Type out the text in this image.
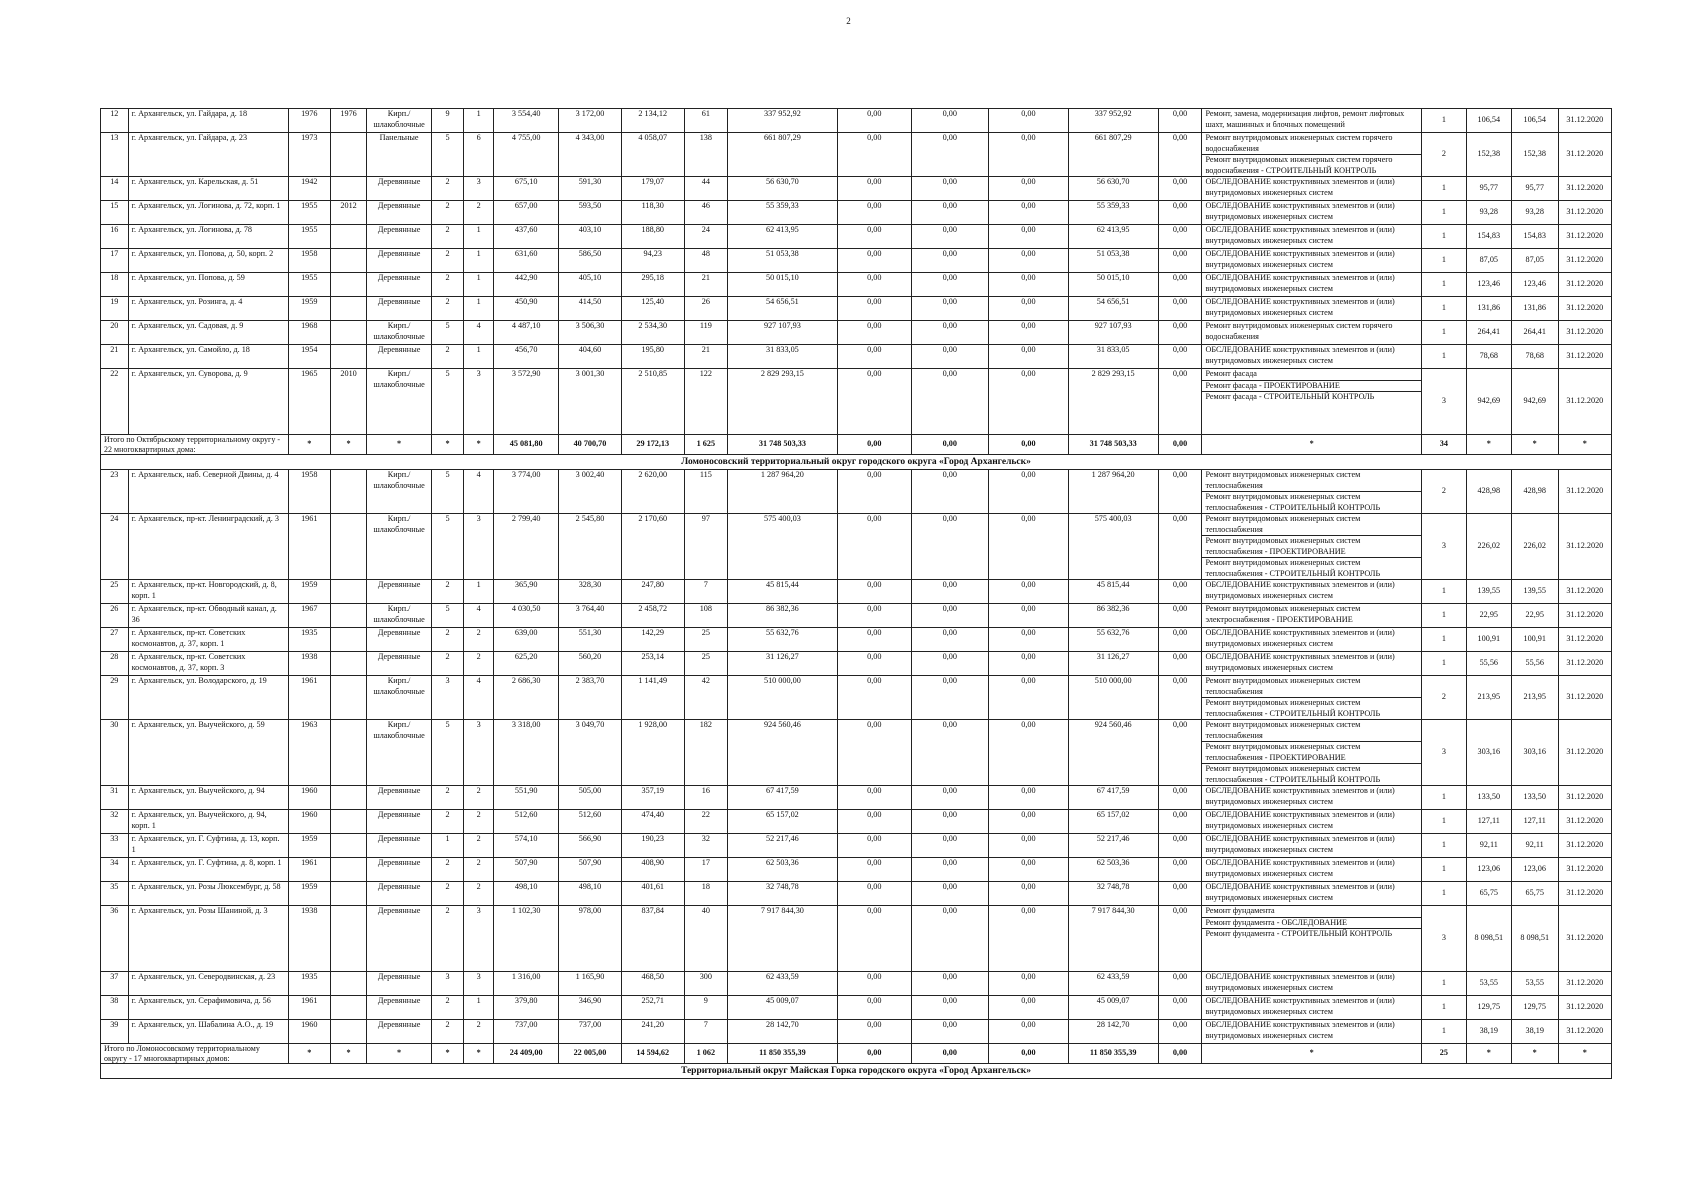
2
12	г. Архангельск, ул. Гайдара, д. 18	1976	1976	Кирп./ шлакоблочные	9	1	3 554,40	3 172,00	2 134,12	61	337 952,92	0,00	0,00	0,00	337 952,92	0,00	Ремонт, замена, модернизация лифтов, ремонт лифтовых шахт, машинных и блочных помещений	1	106,54	106,54	31.12.2020
13	г. Архангельск, ул. Гайдара, д. 23	1973		Панельные	5	6	4 755,00	4 343,00	4 058,07	138	661 807,29	0,00	0,00	0,00	661 807,29	0,00	Ремонт внутридомовых инженерных систем горячего водоснабжения
Ремонт внутридомовых инженерных систем горячего водоснабжения - СТРОИТЕЛЬНЫЙ КОНТРОЛЬ	2	152,38	152,38	31.12.2020
14	г. Архангельск, ул. Карельская, д. 51	1942		Деревянные	2	3	675,10	591,30	179,07	44	56 630,70	0,00	0,00	0,00	56 630,70	0,00	ОБСЛЕДОВАНИЕ конструктивных элементов и (или) внутридомовых инженерных систем	1	95,77	95,77	31.12.2020
15	г. Архангельск, ул. Логинова, д. 72, корп. 1	1955	2012	Деревянные	2	2	657,00	593,50	118,30	46	55 359,33	0,00	0,00	0,00	55 359,33	0,00	ОБСЛЕДОВАНИЕ конструктивных элементов и (или) внутридомовых инженерных систем	1	93,28	93,28	31.12.2020
16	г. Архангельск, ул. Логинова, д. 78	1955		Деревянные	2	1	437,60	403,10	188,80	24	62 413,95	0,00	0,00	0,00	62 413,95	0,00	ОБСЛЕДОВАНИЕ конструктивных элементов и (или) внутридомовых инженерных систем	1	154,83	154,83	31.12.2020
17	г. Архангельск, ул. Попова, д. 50, корп. 2	1958		Деревянные	2	1	631,60	586,50	94,23	48	51 053,38	0,00	0,00	0,00	51 053,38	0,00	ОБСЛЕДОВАНИЕ конструктивных элементов и (или) внутридомовых инженерных систем	1	87,05	87,05	31.12.2020
18	г. Архангельск, ул. Попова, д. 59	1955		Деревянные	2	1	442,90	405,10	295,18	21	50 015,10	0,00	0,00	0,00	50 015,10	0,00	ОБСЛЕДОВАНИЕ конструктивных элементов и (или) внутридомовых инженерных систем	1	123,46	123,46	31.12.2020
19	г. Архангельск, ул. Розинга, д. 4	1959		Деревянные	2	1	450,90	414,50	125,40	26	54 656,51	0,00	0,00	0,00	54 656,51	0,00	ОБСЛЕДОВАНИЕ конструктивных элементов и (или) внутридомовых инженерных систем	1	131,86	131,86	31.12.2020
20	г. Архангельск, ул. Садовая, д. 9	1968		Кирп./ шлакоблочные	5	4	4 487,10	3 506,30	2 534,30	119	927 107,93	0,00	0,00	0,00	927 107,93	0,00	Ремонт внутридомовых инженерных систем горячего водоснабжения	1	264,41	264,41	31.12.2020
21	г. Архангельск, ул. Самойло, д. 18	1954		Деревянные	2	1	456,70	404,60	195,80	21	31 833,05	0,00	0,00	0,00	31 833,05	0,00	ОБСЛЕДОВАНИЕ конструктивных элементов и (или) внутридомовых инженерных систем	1	78,68	78,68	31.12.2020
22	г. Архангельск, ул. Суворова, д. 9	1965	2010	Кирп./ шлакоблочные	5	3	3 572,90	3 001,30	2 510,85	122	2 829 293,15	0,00	0,00	0,00	2 829 293,15	0,00	Ремонт фасада
Ремонт фасада - ПРОЕКТИРОВАНИЕ
Ремонт фасада - СТРОИТЕЛЬНЫЙ КОНТРОЛЬ	3	942,69	942,69	31.12.2020
Итого по Октябрьскому территориальному округу - 22 многоквартирных дома:		*	*	*	*	*	45 081,80	40 700,70	29 172,13	1 625	31 748 503,33	0,00	0,00	0,00	31 748 503,33	0,00	*	34	*	*	*
Ломоносовский территориальный округ городского округа «Город Архангельск»																					
23	г. Архангельск, наб. Северной Двины, д. 4	1958		Кирп./ шлакоблочные	5	4	3 774,00	3 002,40	2 620,00	115	1 287 964,20	0,00	0,00	0,00	1 287 964,20	0,00	Ремонт внутридомовых инженерных систем теплоснабжения
Ремонт внутридомовых инженерных систем теплоснабжения - СТРОИТЕЛЬНЫЙ КОНТРОЛЬ	2	428,98	428,98	31.12.2020
24	г. Архангельск, пр-кт. Ленинградский, д. 3	1961		Кирп./ шлакоблочные	5	3	2 799,40	2 545,80	2 170,60	97	575 400,03	0,00	0,00	0,00	575 400,03	0,00	Ремонт внутридомовых инженерных систем теплоснабжения
Ремонт внутридомовых инженерных систем теплоснабжения - ПРОЕКТИРОВАНИЕ
Ремонт внутридомовых инженерных систем теплоснабжения - СТРОИТЕЛЬНЫЙ КОНТРОЛЬ	3	226,02	226,02	31.12.2020
25	г. Архангельск, пр-кт. Новгородский, д. 8, корп. 1	1959		Деревянные	2	1	365,90	328,30	247,80	7	45 815,44	0,00	0,00	0,00	45 815,44	0,00	ОБСЛЕДОВАНИЕ конструктивных элементов и (или) внутридомовых инженерных систем	1	139,55	139,55	31.12.2020
26	г. Архангельск, пр-кт. Обводный канал, д. 36	1967		Кирп./ шлакоблочные	5	4	4 030,50	3 764,40	2 458,72	108	86 382,36	0,00	0,00	0,00	86 382,36	0,00	Ремонт внутридомовых инженерных систем электроснабжения - ПРОЕКТИРОВАНИЕ	1	22,95	22,95	31.12.2020
27	г. Архангельск, пр-кт. Советских космонавтов, д. 37, корп. 1	1935		Деревянные	2	2	639,00	551,30	142,29	25	55 632,76	0,00	0,00	0,00	55 632,76	0,00	ОБСЛЕДОВАНИЕ конструктивных элементов и (или) внутридомовых инженерных систем	1	100,91	100,91	31.12.2020
28	г. Архангельск, пр-кт. Советских космонавтов, д. 37, корп. 3	1938		Деревянные	2	2	625,20	560,20	253,14	25	31 126,27	0,00	0,00	0,00	31 126,27	0,00	ОБСЛЕДОВАНИЕ конструктивных элементов и (или) внутридомовых инженерных систем	1	55,56	55,56	31.12.2020
29	г. Архангельск, ул. Володарского, д. 19	1961		Кирп./ шлакоблочные	3	4	2 686,30	2 383,70	1 141,49	42	510 000,00	0,00	0,00	0,00	510 000,00	0,00	Ремонт внутридомовых инженерных систем теплоснабжения
Ремонт внутридомовых инженерных систем теплоснабжения - СТРОИТЕЛЬНЫЙ КОНТРОЛЬ	2	213,95	213,95	31.12.2020
30	г. Архангельск, ул. Выучейского, д. 59	1963		Кирп./ шлакоблочные	5	3	3 318,00	3 049,70	1 928,00	182	924 560,46	0,00	0,00	0,00	924 560,46	0,00	Ремонт внутридомовых инженерных систем теплоснабжения
Ремонт внутридомовых инженерных систем теплоснабжения - ПРОЕКТИРОВАНИЕ
Ремонт внутридомовых инженерных систем теплоснабжения - СТРОИТЕЛЬНЫЙ КОНТРОЛЬ	3	303,16	303,16	31.12.2020
31	г. Архангельск, ул. Выучейского, д. 94	1960		Деревянные	2	2	551,90	505,00	357,19	16	67 417,59	0,00	0,00	0,00	67 417,59	0,00	ОБСЛЕДОВАНИЕ конструктивных элементов и (или) внутридомовых инженерных систем	1	133,50	133,50	31.12.2020
32	г. Архангельск, ул. Выучейского, д. 94, корп. 1	1960		Деревянные	2	2	512,60	512,60	474,40	22	65 157,02	0,00	0,00	0,00	65 157,02	0,00	ОБСЛЕДОВАНИЕ конструктивных элементов и (или) внутридомовых инженерных систем	1	127,11	127,11	31.12.2020
33	г. Архангельск, ул. Г. Суфтина, д. 13, корп. 1	1959		Деревянные	1	2	574,10	566,90	190,23	32	52 217,46	0,00	0,00	0,00	52 217,46	0,00	ОБСЛЕДОВАНИЕ конструктивных элементов и (или) внутридомовых инженерных систем	1	92,11	92,11	31.12.2020
34	г. Архангельск, ул. Г. Суфтина, д. 8, корп. 1	1961		Деревянные	2	2	507,90	507,90	408,90	17	62 503,36	0,00	0,00	0,00	62 503,36	0,00	ОБСЛЕДОВАНИЕ конструктивных элементов и (или) внутридомовых инженерных систем	1	123,06	123,06	31.12.2020
35	г. Архангельск, ул. Розы Люксембург, д. 58	1959		Деревянные	2	2	498,10	498,10	401,61	18	32 748,78	0,00	0,00	0,00	32 748,78	0,00	ОБСЛЕДОВАНИЕ конструктивных элементов и (или) внутридомовых инженерных систем	1	65,75	65,75	31.12.2020
36	г. Архангельск, ул. Розы Шаниной, д. 3	1938		Деревянные	2	3	1 102,30	978,00	837,84	40	7 917 844,30	0,00	0,00	0,00	7 917 844,30	0,00	Ремонт фундамента
Ремонт фундамента - ОБСЛЕДОВАНИЕ
Ремонт фундамента - СТРОИТЕЛЬНЫЙ КОНТРОЛЬ	3	8 098,51	8 098,51	31.12.2020
37	г. Архангельск, ул. Северодвинская, д. 23	1935		Деревянные	3	3	1 316,00	1 165,90	468,50	300	62 433,59	0,00	0,00	0,00	62 433,59	0,00	ОБСЛЕДОВАНИЕ конструктивных элементов и (или) внутридомовых инженерных систем	1	53,55	53,55	31.12.2020
38	г. Архангельск, ул. Серафимовича, д. 56	1961		Деревянные	2	1	379,80	346,90	252,71	9	45 009,07	0,00	0,00	0,00	45 009,07	0,00	ОБСЛЕДОВАНИЕ конструктивных элементов и (или) внутридомовых инженерных систем	1	129,75	129,75	31.12.2020
39	г. Архангельск, ул. Шабалина А.О., д. 19	1960		Деревянные	2	2	737,00	737,00	241,20	7	28 142,70	0,00	0,00	0,00	28 142,70	0,00	ОБСЛЕДОВАНИЕ конструктивных элементов и (или) внутридомовых инженерных систем	1	38,19	38,19	31.12.2020
Итого по Ломоносовскому территориальному округу - 17 многоквартирных домов:		*	*	*	*	*	24 409,00	22 005,00	14 594,62	1 062	11 850 355,39	0,00	0,00	0,00	11 850 355,39	0,00	*	25	*	*	*
Территориальный округ Майская Горка городского округа «Город Архангельск»																					
